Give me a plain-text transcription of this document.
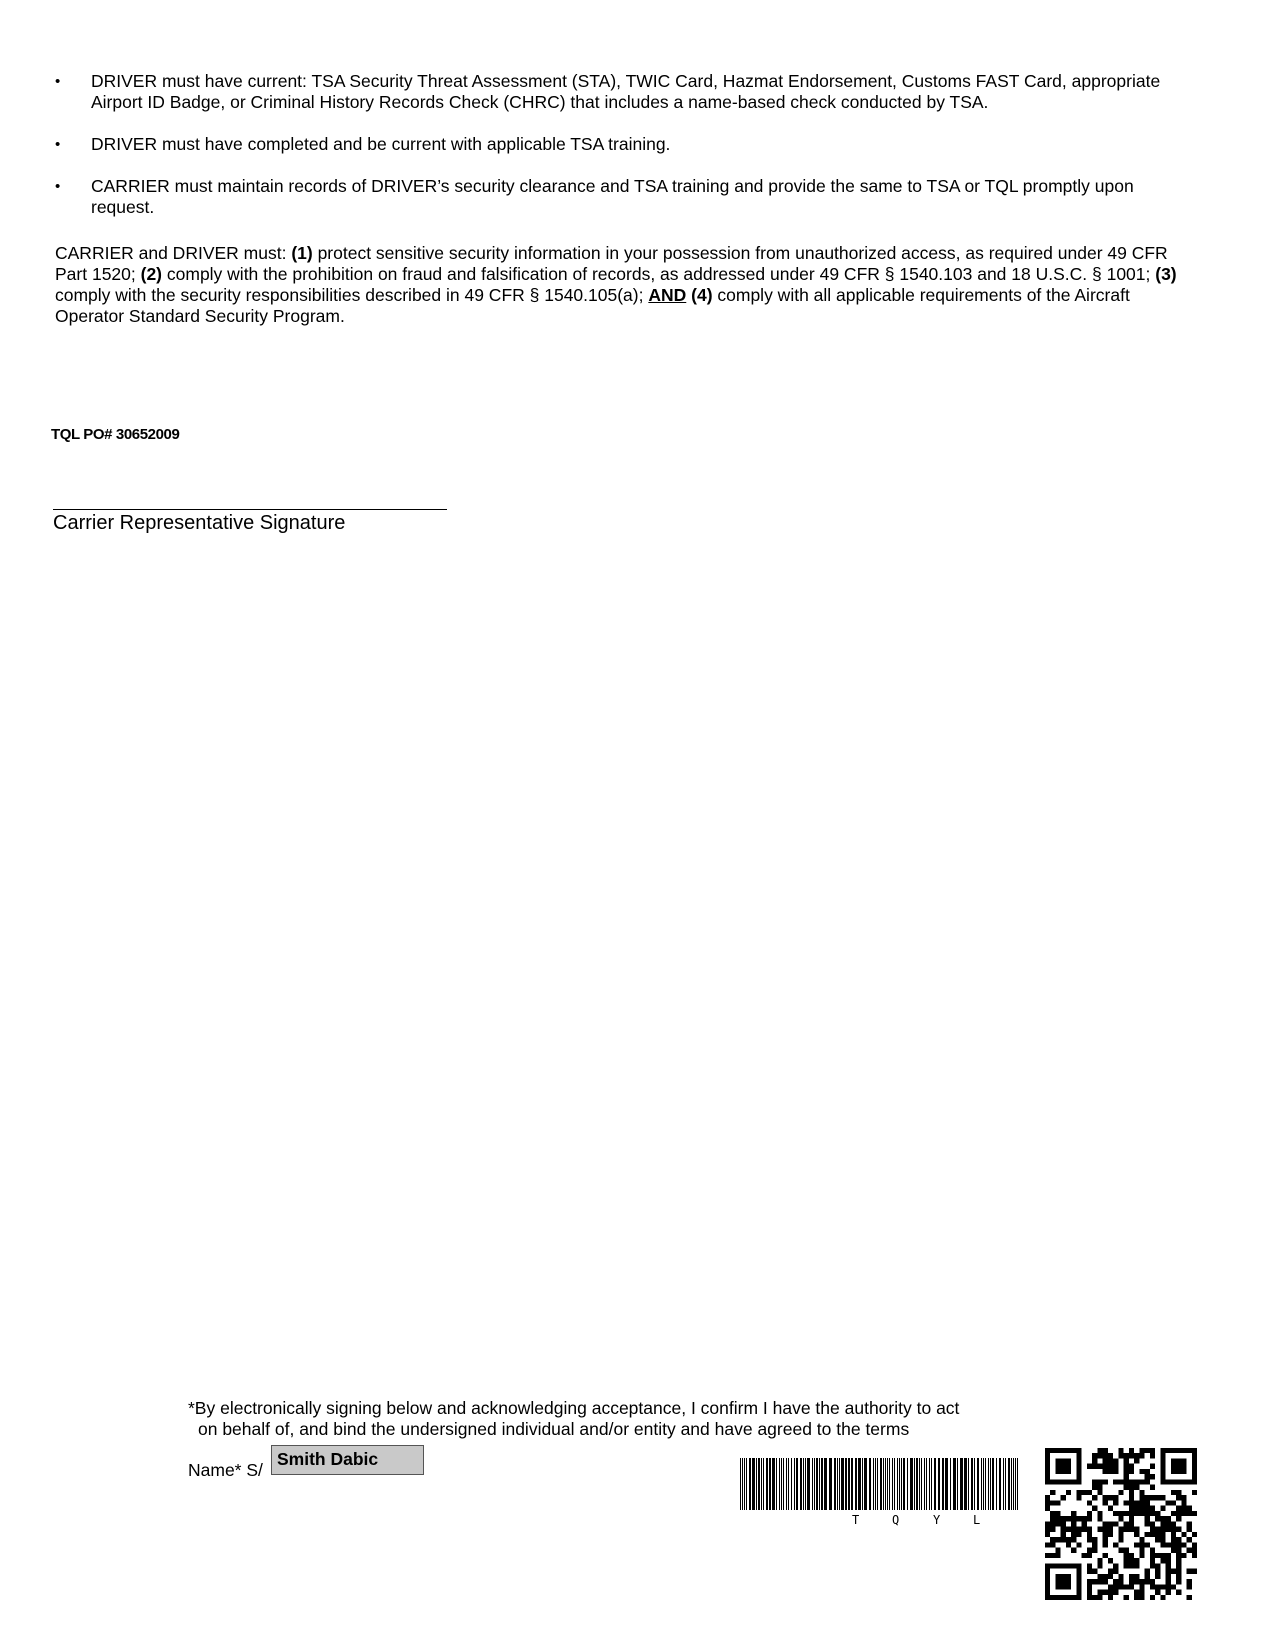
•	DRIVER must have current: TSA Security Threat Assessment (STA), TWIC Card, Hazmat Endorsement, Customs FAST Card, appropriate Airport ID Badge, or Criminal History Records Check (CHRC) that includes a name-based check conducted by TSA.
•	DRIVER must have completed and be current with applicable TSA training.
•	CARRIER must maintain records of DRIVER’s security clearance and TSA training and provide the same to TSA or TQL promptly upon request.
CARRIER and DRIVER must: (1) protect sensitive security information in your possession from unauthorized access, as required under 49 CFR Part 1520; (2) comply with the prohibition on fraud and falsification of records, as addressed under 49 CFR § 1540.103 and 18 U.S.C. § 1001; (3) comply with the security responsibilities described in 49 CFR § 1540.105(a); AND (4) comply with all applicable requirements of the Aircraft Operator Standard Security Program.
TQL PO# 30652009
Carrier Representative Signature
*By electronically signing below and acknowledging acceptance, I confirm I have the authority to act
on behalf of, and bind the undersigned individual and/or entity and have agreed to the terms
Name* S/
Smith Dabic
T	Q	Y	L
